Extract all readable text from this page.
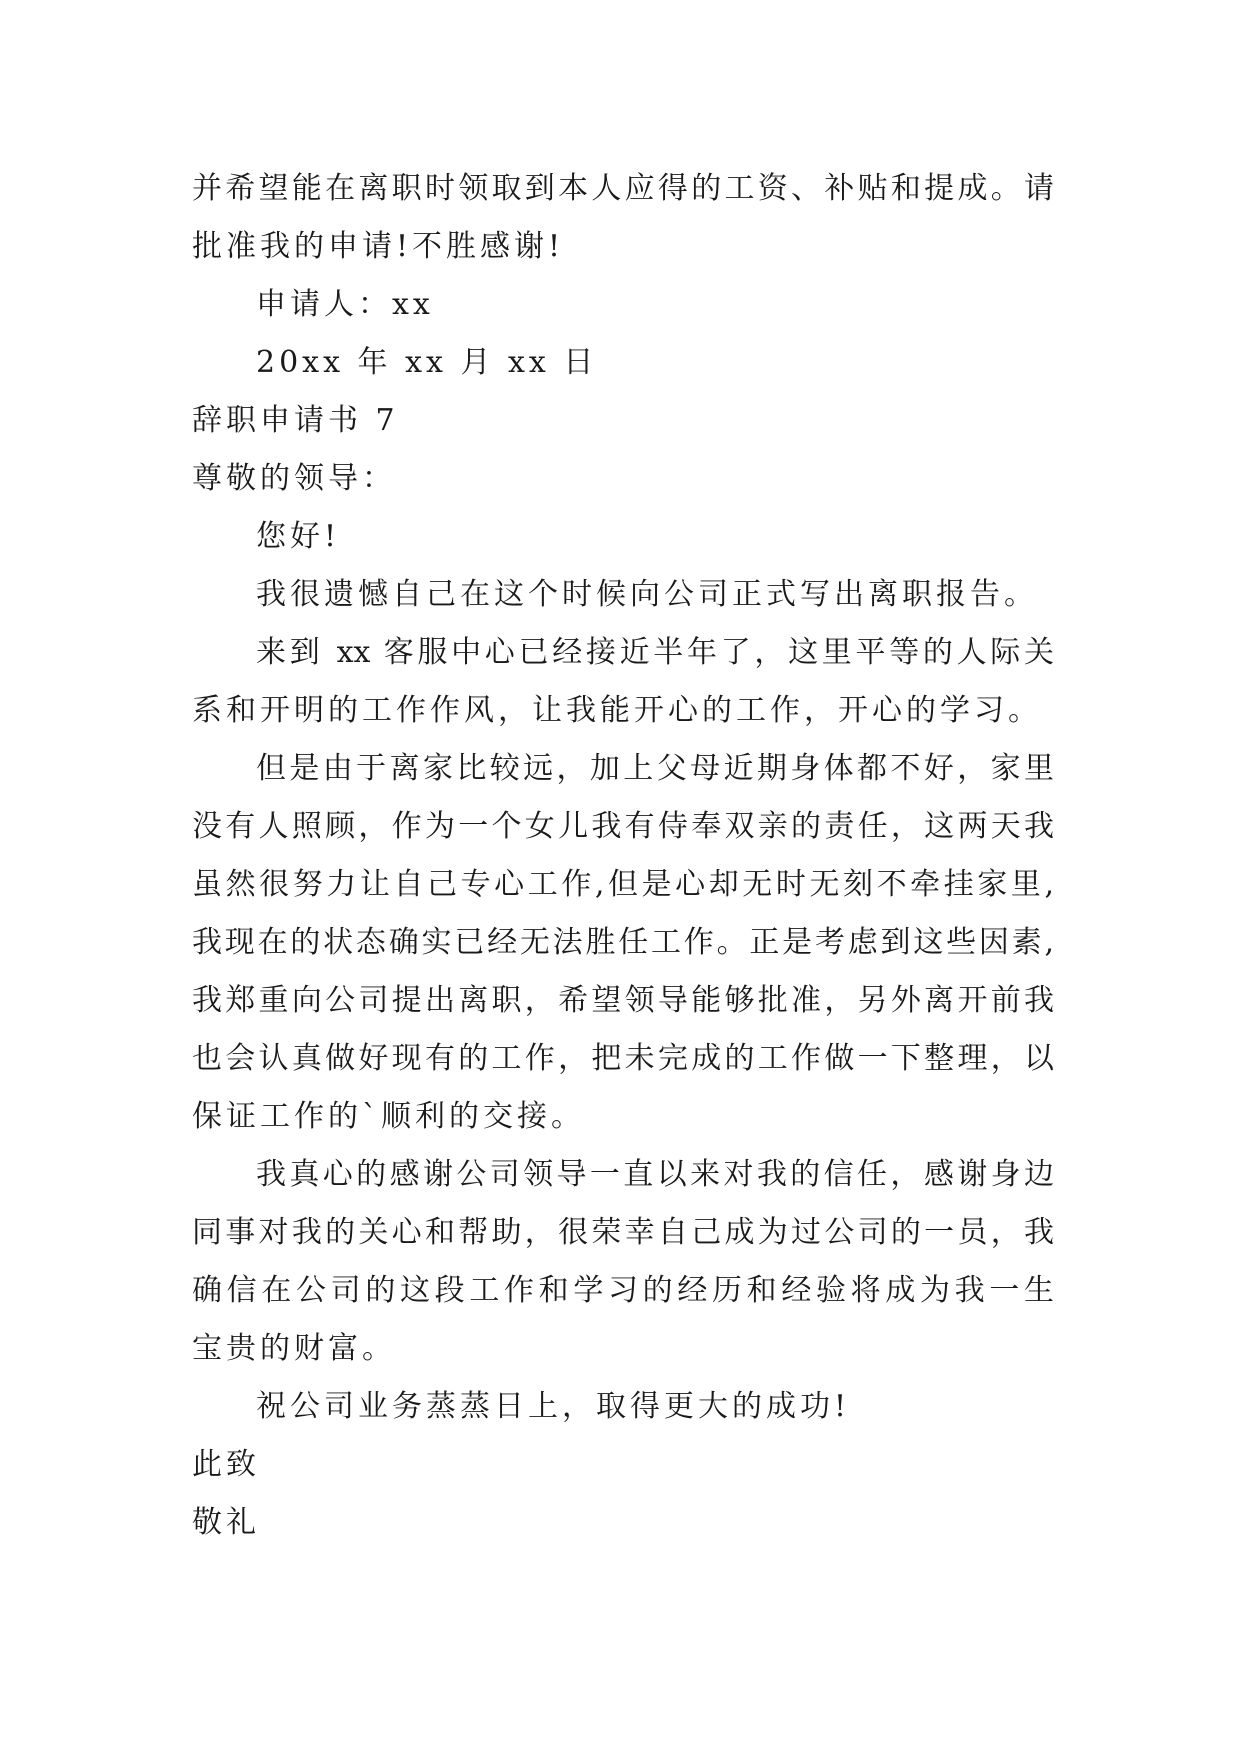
并希望能在离职时领取到本人应得的工资、补贴和提成。请
批准我的申请!不胜感谢!
申请人：xx
20xx 年 xx 月 xx 日
辞职申请书 7
尊敬的领导：
您好!
我很遗憾自己在这个时候向公司正式写出离职报告。
来到 xx 客服中心已经接近半年了，这里平等的人际关
系和开明的工作作风，让我能开心的工作，开心的学习。
但是由于离家比较远，加上父母近期身体都不好，家里
没有人照顾，作为一个女儿我有侍奉双亲的责任，这两天我
虽然很努力让自己专心工作,但是心却无时无刻不牵挂家里,
我现在的状态确实已经无法胜任工作。正是考虑到这些因素,
我郑重向公司提出离职，希望领导能够批准，另外离开前我
也会认真做好现有的工作，把未完成的工作做一下整理，以
保证工作的`顺利的交接。
我真心的感谢公司领导一直以来对我的信任，感谢身边
同事对我的关心和帮助，很荣幸自己成为过公司的一员，我
确信在公司的这段工作和学习的经历和经验将成为我一生
宝贵的财富。
祝公司业务蒸蒸日上，取得更大的成功!
此致
敬礼
